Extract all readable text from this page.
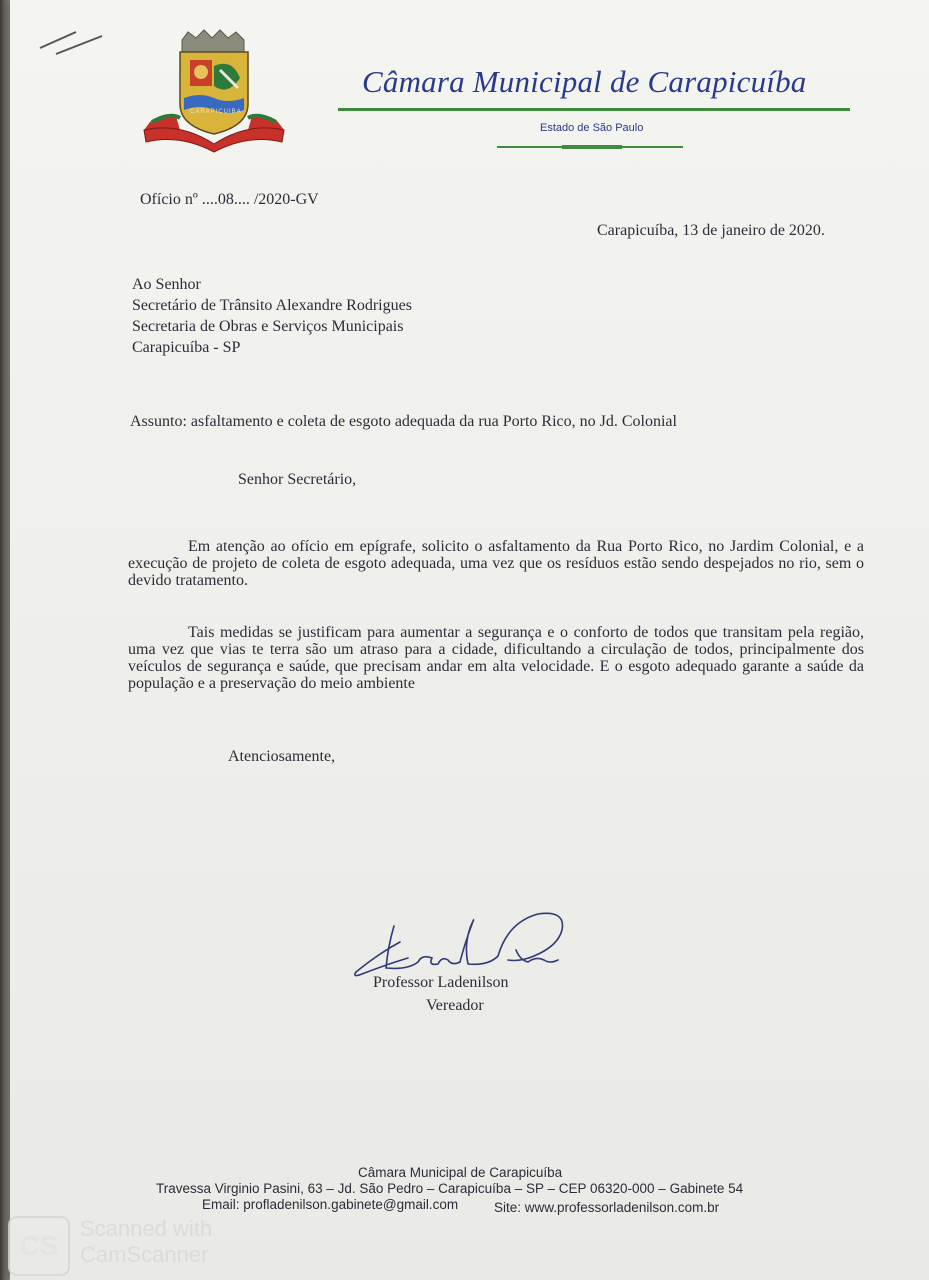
CARAPICUIBA
Câmara Municipal de Carapicuíba
Estado de São Paulo
Ofício nº ....08.... /2020-GV
Carapicuíba, 13 de janeiro de 2020.
Ao Senhor
Secretário de Trânsito Alexandre Rodrigues
Secretaria de Obras e Serviços Municipais
Carapicuíba - SP
Assunto: asfaltamento e coleta de esgoto adequada da rua Porto Rico, no Jd. Colonial
Senhor Secretário,

Em atenção ao ofício em epígrafe, solicito o asfaltamento da Rua Porto Rico, no Jardim Colonial, e a execução de projeto de coleta de esgoto adequada, uma vez que os resíduos estão sendo despejados no rio, sem o devido tratamento.

Tais medidas se justificam para aumentar a segurança e o conforto de todos que transitam pela região, uma vez que vias te terra são um atraso para a cidade, dificultando a circulação de todos, principalmente dos veículos de segurança e saúde, que precisam andar em alta velocidade. E o esgoto adequado garante a saúde da população e a preservação do meio ambiente

Atenciosamente,
Professor Ladenilson
Vereador
Câmara Municipal de Carapicuíba
Travessa Virginio Pasini, 63 – Jd. São Pedro – Carapicuíba – SP – CEP 06320-000 – Gabinete 54
Email: profladenilson.gabinete@gmail.com	Site: www.professorladenilson.com.br
CS
Scanned with
CamScanner
